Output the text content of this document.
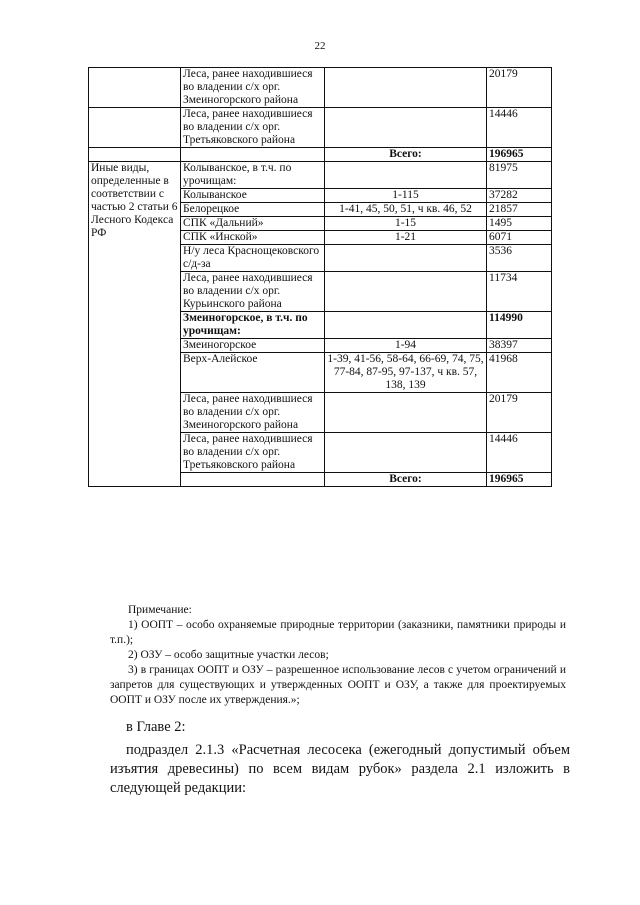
22
	Леса, ранее находившиеся во владении с/х орг. Змеиногорского района		20179
	Леса, ранее находившиеся во владении с/х орг. Третьяковского района		14446
		Всего:	196965
Иные виды, определенные в соответствии с частью 2 статьи 6 Лесного Кодекса РФ	Колыванское, в т.ч. по урочищам:		81975
	Колыванское	1-115	37282
	Белорецкое	1-41, 45, 50, 51, ч кв. 46, 52	21857
	СПК «Дальний»	1-15	1495
	СПК «Инской»	1-21	6071
	Н/у леса Краснощековского с/д-за		3536
	Леса, ранее находившиеся во владении с/х орг. Курьинского района		11734
	Змеиногорское, в т.ч. по урочищам:		114990
	Змеиногорское	1-94	38397
	Верх-Алейское	1-39, 41-56, 58-64, 66-69, 74, 75, 77-84, 87-95, 97-137, ч кв. 57, 138, 139	41968
	Леса, ранее находившиеся во владении с/х орг. Змеиногорского района		20179
	Леса, ранее находившиеся во владении с/х орг. Третьяковского района		14446
		Всего:	196965
Примечание:

1) ООПТ – особо охраняемые природные территории (заказники, памятники природы и т.п.);

2) ОЗУ – особо защитные участки лесов;

3) в границах ООПТ и ОЗУ – разрешенное использование лесов с учетом ограничений и запретов для существующих и утвержденных ООПТ и ОЗУ, а также для проектируемых ООПТ и ОЗУ после их утверждения.»;

в Главе 2:

подраздел 2.1.3 «Расчетная лесосека (ежегодный допустимый объем изъятия древесины) по всем видам рубок» раздела 2.1 изложить в следующей редакции:
